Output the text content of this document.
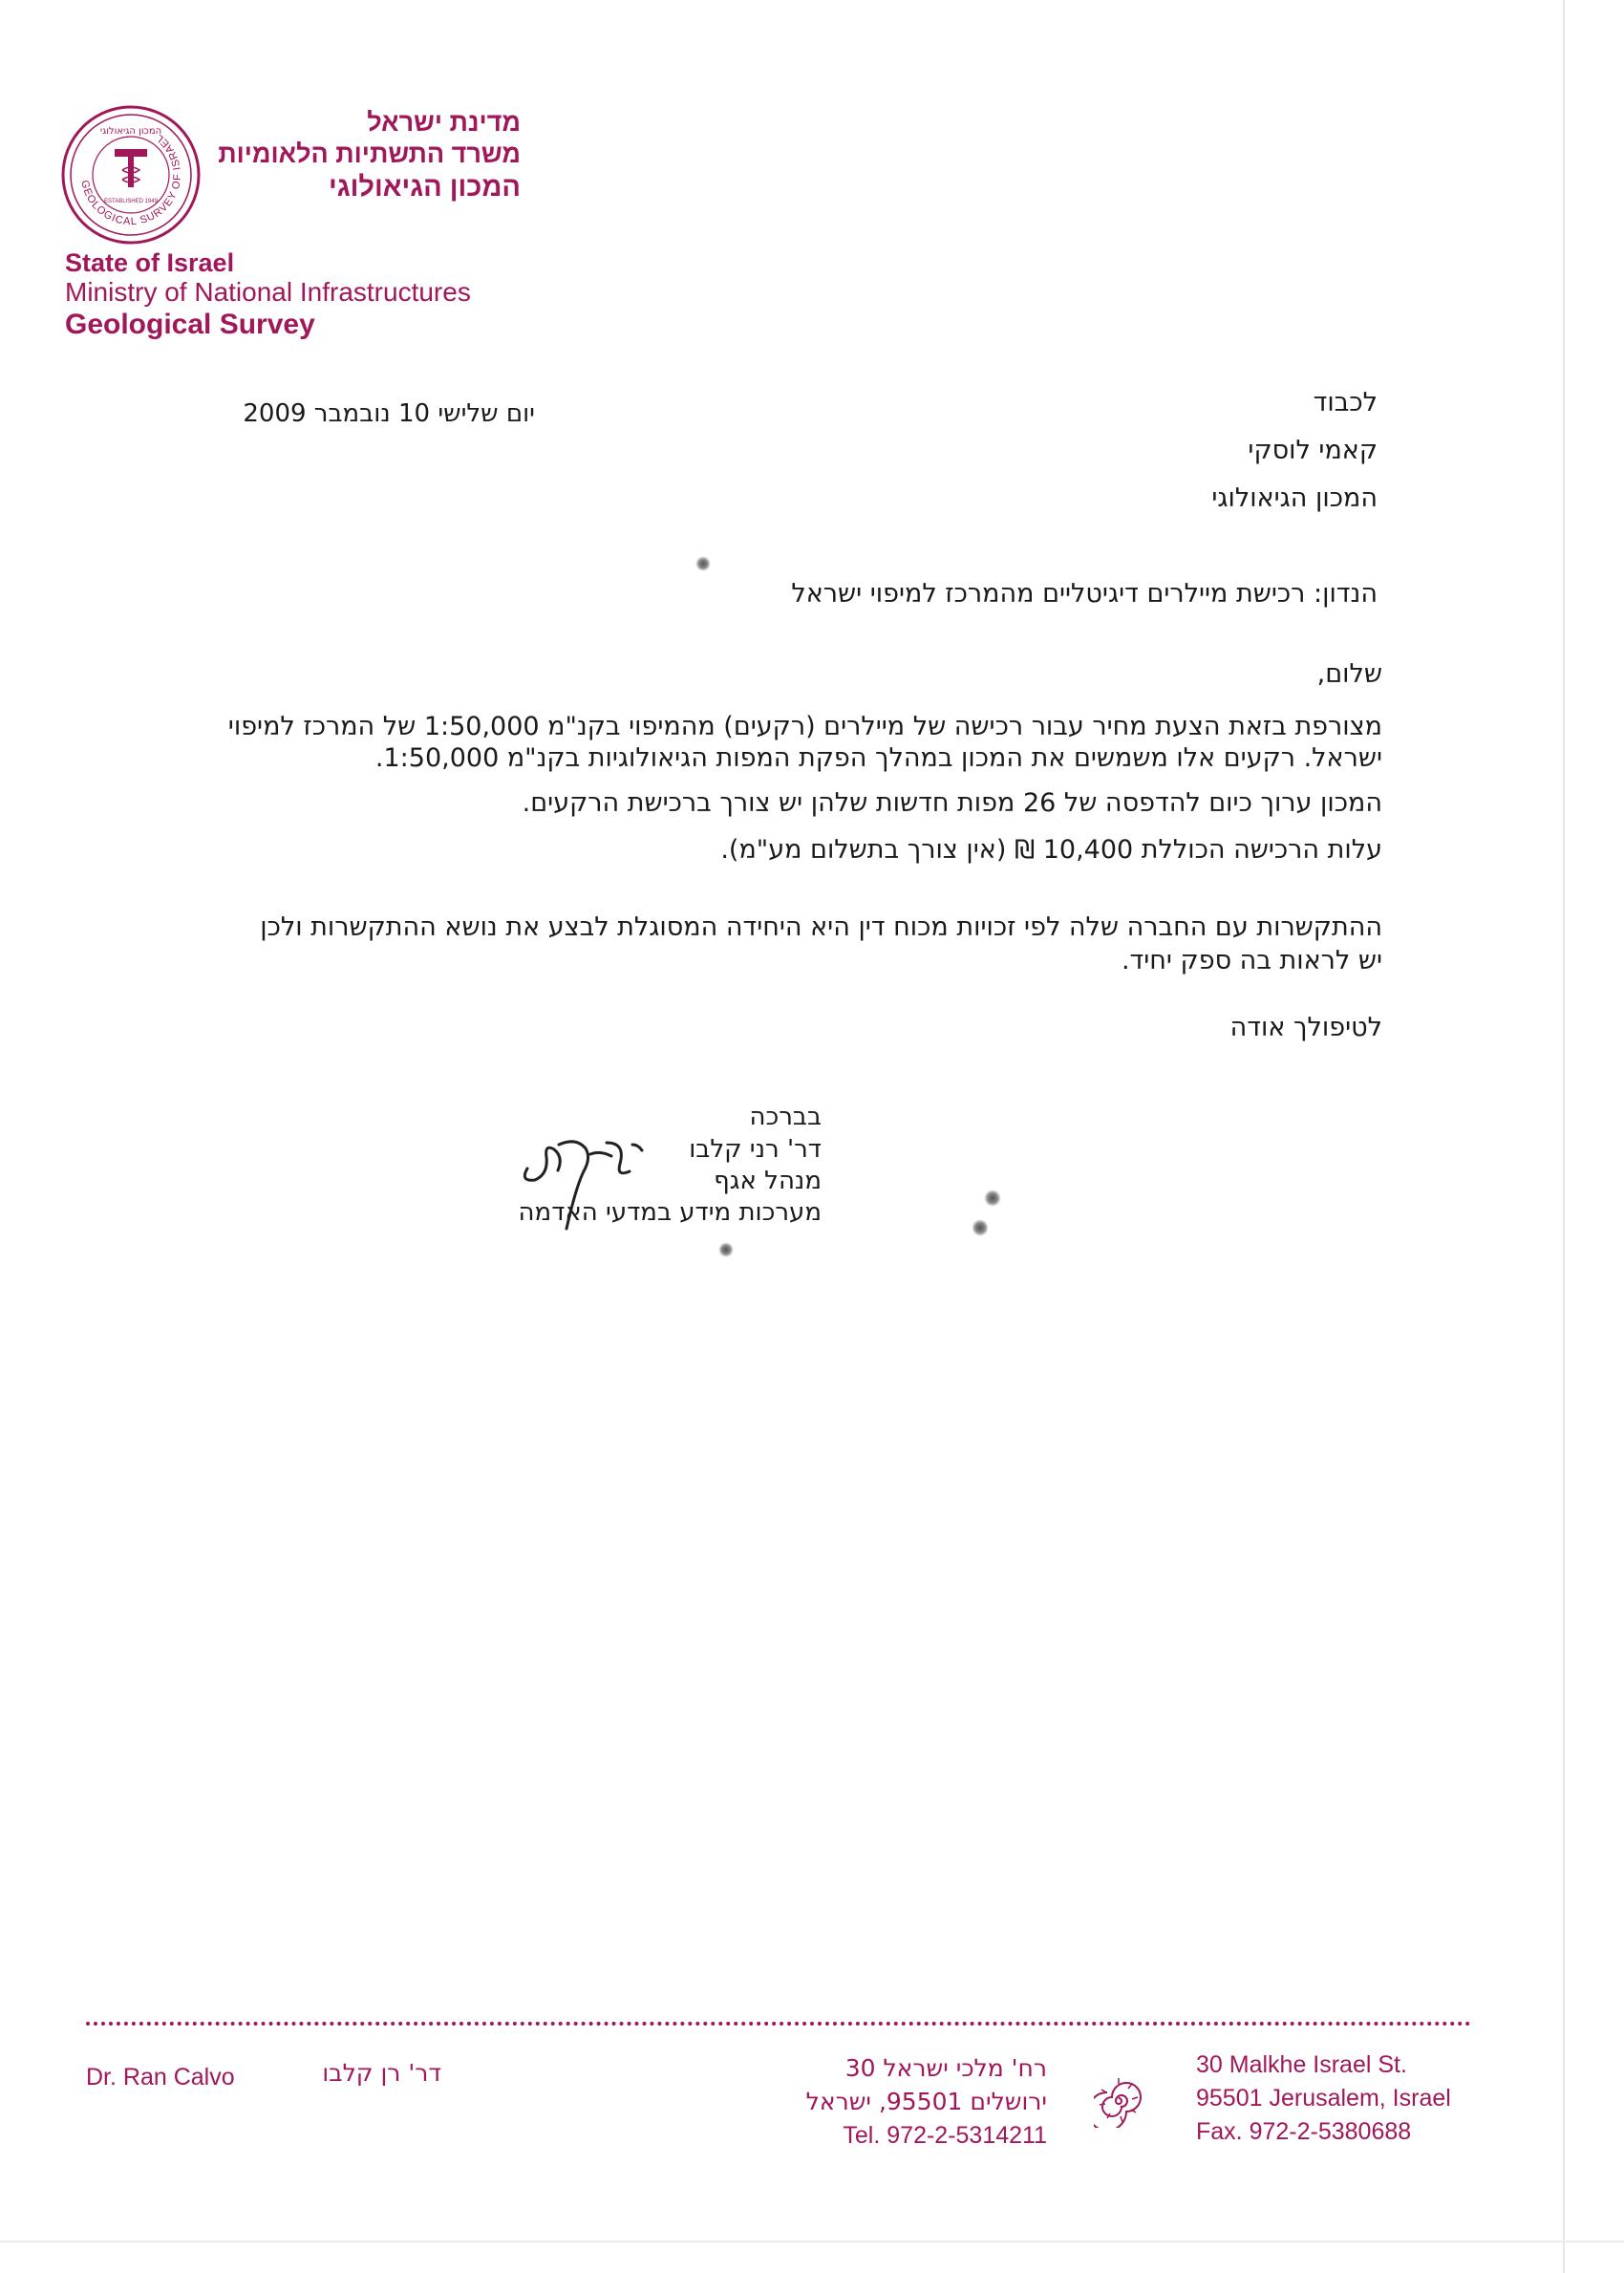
GEOLOGICAL SURVEY OF ISRAEL
המכון הגיאולוגי
ESTABLISHED 1949
מדינת ישראל
משרד התשתיות הלאומיות
המכון הגיאולוגי
State of Israel
Ministry of National Infrastructures
Geological Survey
יום שלישי 10 נובמבר 2009	לכבוד
קאמי לוסקי
המכון הגיאולוגי
הנדון: רכישת מיילרים דיגיטליים מהמרכז למיפוי ישראל
שלום,
מצורפת בזאת הצעת מחיר עבור רכישה של מיילרים (רקעים) מהמיפוי בקנ"מ 1:50,000 של המרכז למיפוי
ישראל. רקעים אלו משמשים את המכון במהלך הפקת המפות הגיאולוגיות בקנ"מ 1:50,000.
המכון ערוך כיום להדפסה של 26 מפות חדשות שלהן יש צורך ברכישת הרקעים.
עלות הרכישה הכוללת 10,400 ₪ (אין צורך בתשלום מע"מ).
ההתקשרות עם החברה שלה לפי זכויות מכוח דין היא היחידה המסוגלת לבצע את נושא ההתקשרות ולכן
יש לראות בה ספק יחיד.
לטיפולך אודה
בברכה
דר' רני קלבו
מנהל אגף
מערכות מידע במדעי האדמה
Dr. Ran Calvo	דר' רן קלבו	רח' מלכי ישראל 30
ירושלים 95501, ישראל
Tel. 972-2-5314211
30 Malkhe Israel St.
95501 Jerusalem, Israel
Fax. 972-2-5380688
